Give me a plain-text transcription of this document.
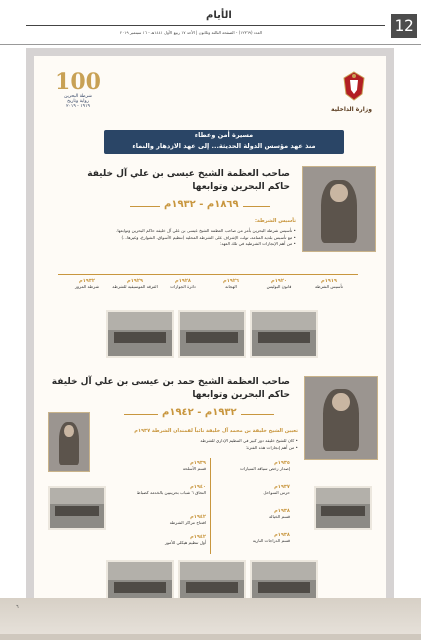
الأيام
العدد (١٢٣٦٩) - الصفحة الثالثة وثلاثون | الأحد ١٧ ربيع الأول ١٤٤١هـ - ١٦ سبتمبر ٢٠١٩	12
وزارة الداخلية
100
شرطة البحرين
رواية وتاريخ
١٩١٩ - ٢٠١٩
مسيرة أمن وعطاء
منذ عهد مؤسس الدولة الحديثة... إلى عهد الازدهار والنماء
صاحب العظمة الشيخ عيسى بن علي آل خليفة
حاكم البحرين وتوابعها
١٨٦٩م - ١٩٣٢م
تأسيس الشرطة:
• تأسيس شرطة البحرين بأمر من صاحب العظمة الشيخ عيسى بن علي آل خليفة حاكم البحرين وتوابعها.
• مع تأسيس بلدية المنامة، تولت الإشراف على الشرطة المحلية (تنظيم الأسواق، الشوارع، وغيرها...)
• من أهم الإنجازات الشرطية في تلك العهد:
١٩١٩م
تأسيس الشرطة
١٩٢٠م
قانون البوليس
١٩٢٦م
الهجانة
١٩٢٨م
دائرة الجوازات
١٩٢٩م
الفرقة الموسيقية للشرطة
١٩٣٢م
شرطة المرور
صاحب العظمة الشيخ حمد بن عيسى بن علي آل خليفة
حاكم البحرين وتوابعها
١٩٣٢م - ١٩٤٢م
تعيين الشيخ خليفة بن محمد آل خليفة نائباً لقمندان الشرطة ١٩٣٧م
• كان للشيخ خليفة دور كبير في التنظيم الإداري للشرطة
• من أهم إنجازات هذه الفترة:
١٩٣٥م
إصدار رخص سياقة السيارات
١٩٣٧م
حرس السواحل
١٩٣٨م
قسم الخيالة
١٩٣٨م
قسم الدراجات النارية
١٩٣٩م
قسم الأسلحة
١٩٤٠م
التحاق ٦ شباب بحرينيين بالخدمة كضباط
١٩٤٢م
افتتاح مراكز الشرطة
١٩٤٢م
أول تنظيم هيكلي للأمور
٦
